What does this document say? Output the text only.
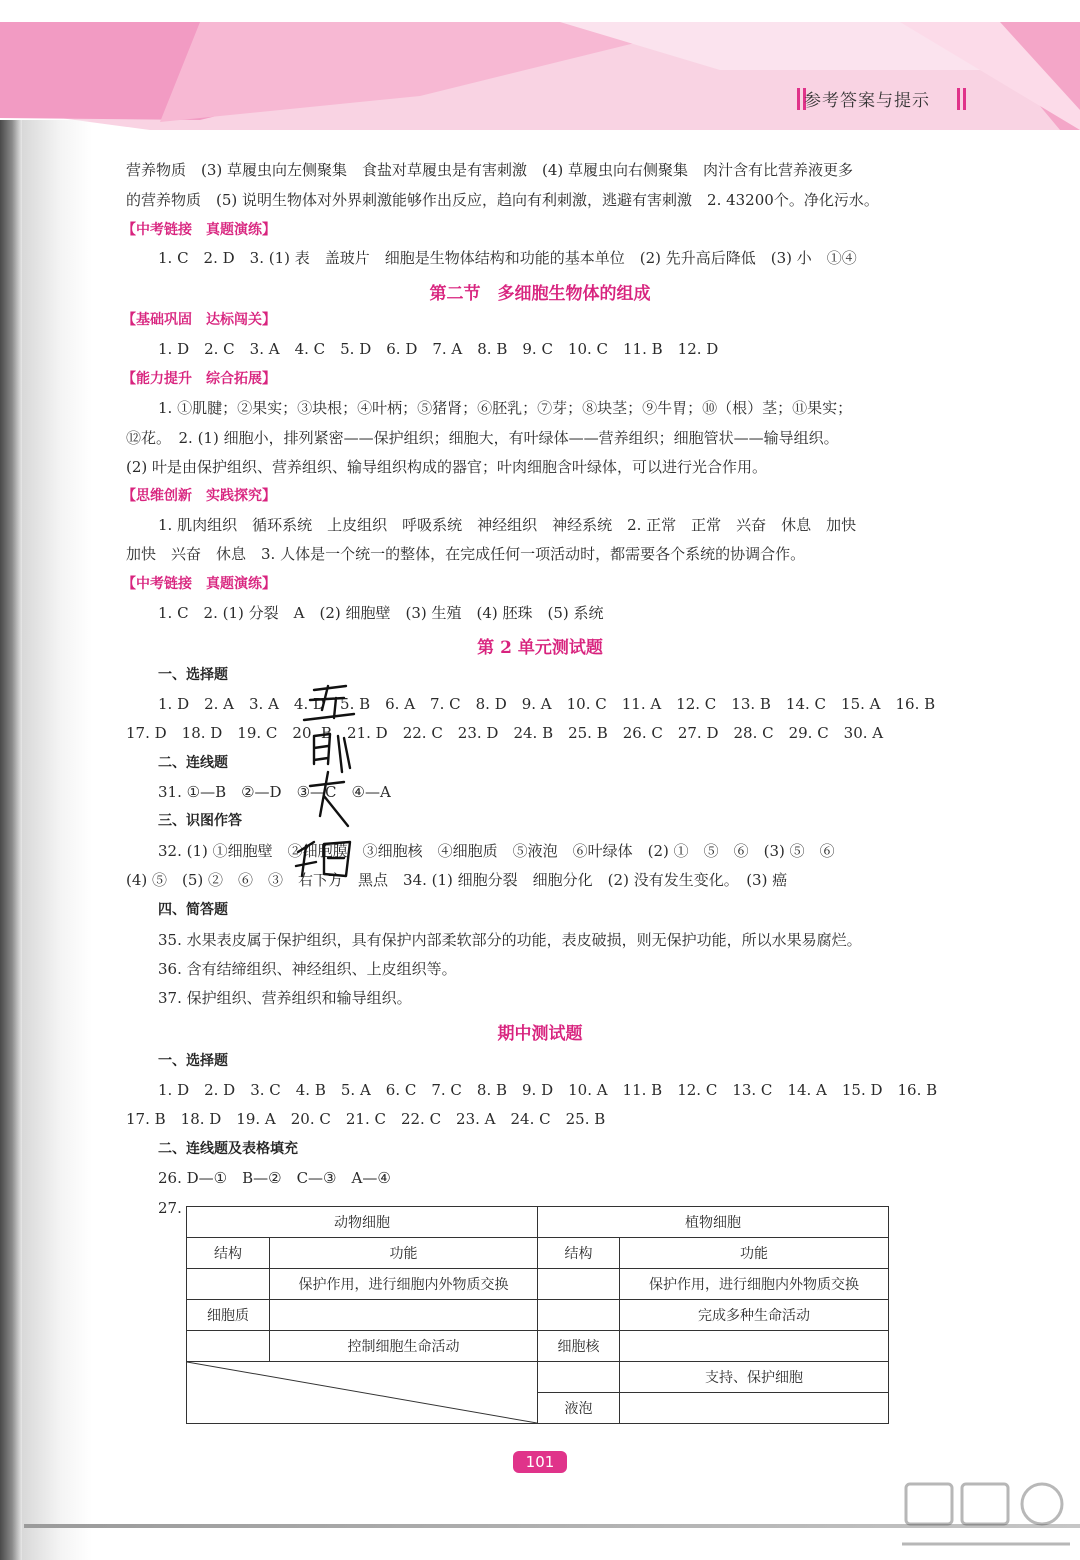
参考答案与提示
营养物质　(3) 草履虫向左侧聚集　食盐对草履虫是有害刺激　(4) 草履虫向右侧聚集　肉汁含有比营养液更多
的营养物质　(5) 说明生物体对外界刺激能够作出反应，趋向有利刺激，逃避有害刺激　2. 43200个。净化污水。
【中考链接　真题演练】
1. C　2. D　3. (1) 表　盖玻片　细胞是生物体结构和功能的基本单位　(2) 先升高后降低　(3) 小　①④
第二节　多细胞生物体的组成
【基础巩固　达标闯关】
1. D　2. C　3. A　4. C　5. D　6. D　7. A　8. B　9. C　10. C　11. B　12. D
【能力提升　综合拓展】
1. ①肌腱；②果实；③块根；④叶柄；⑤猪肾；⑥胚乳；⑦芽；⑧块茎；⑨牛胃；⑩（根）茎；⑪果实；
⑫花。　2. (1) 细胞小，排列紧密——保护组织；细胞大，有叶绿体——营养组织；细胞管状——输导组织。
(2) 叶是由保护组织、营养组织、输导组织构成的器官；叶肉细胞含叶绿体，可以进行光合作用。
【思维创新　实践探究】
1. 肌肉组织　循环系统　上皮组织　呼吸系统　神经组织　神经系统　2. 正常　正常　兴奋　休息　加快
加快　兴奋　休息　3. 人体是一个统一的整体，在完成任何一项活动时，都需要各个系统的协调合作。
【中考链接　真题演练】
1. C　2. (1) 分裂　A　(2) 细胞壁　(3) 生殖　(4) 胚珠　(5) 系统
第 2 单元测试题
一、选择题
1. D　2. A　3. A　4. D　5. B　6. A　7. C　8. D　9. A　10. C　11. A　12. C　13. B　14. C　15. A　16. B
17. D　18. D　19. C　20. B　21. D　22. C　23. D　24. B　25. B　26. C　27. D　28. C　29. C　30. A
二、连线题
31. ①—B　②—D　③—C　④—A
三、识图作答
32. (1) ①细胞壁　②细胞膜　③细胞核　④细胞质　⑤液泡　⑥叶绿体　(2) ①　⑤　⑥　(3) ⑤　⑥
(4) ⑤　(5) ②　⑥　③　右下方　黑点　34. (1) 细胞分裂　细胞分化　(2) 没有发生变化。　(3) 癌
四、简答题
35. 水果表皮属于保护组织，具有保护内部柔软部分的功能，表皮破损，则无保护功能，所以水果易腐烂。
36. 含有结缔组织、神经组织、上皮组织等。
37. 保护组织、营养组织和输导组织。
期中测试题
一、选择题
1. D　2. D　3. C　4. B　5. A　6. C　7. C　8. B　9. D　10. A　11. B　12. C　13. C　14. A　15. D　16. B
17. B　18. D　19. A　20. C　21. C　22. C　23. A　24. C　25. B
二、连线题及表格填充
26. D—①　B—②　C—③　A—④
27.
动物细胞		植物细胞	
结构	功能	结构	功能
	保护作用，进行细胞内外物质交换		保护作用，进行细胞内外物质交换
细胞质			完成多种生命活动
	控制细胞生命活动	细胞核	

		支持、保护细胞
		液泡	
101
